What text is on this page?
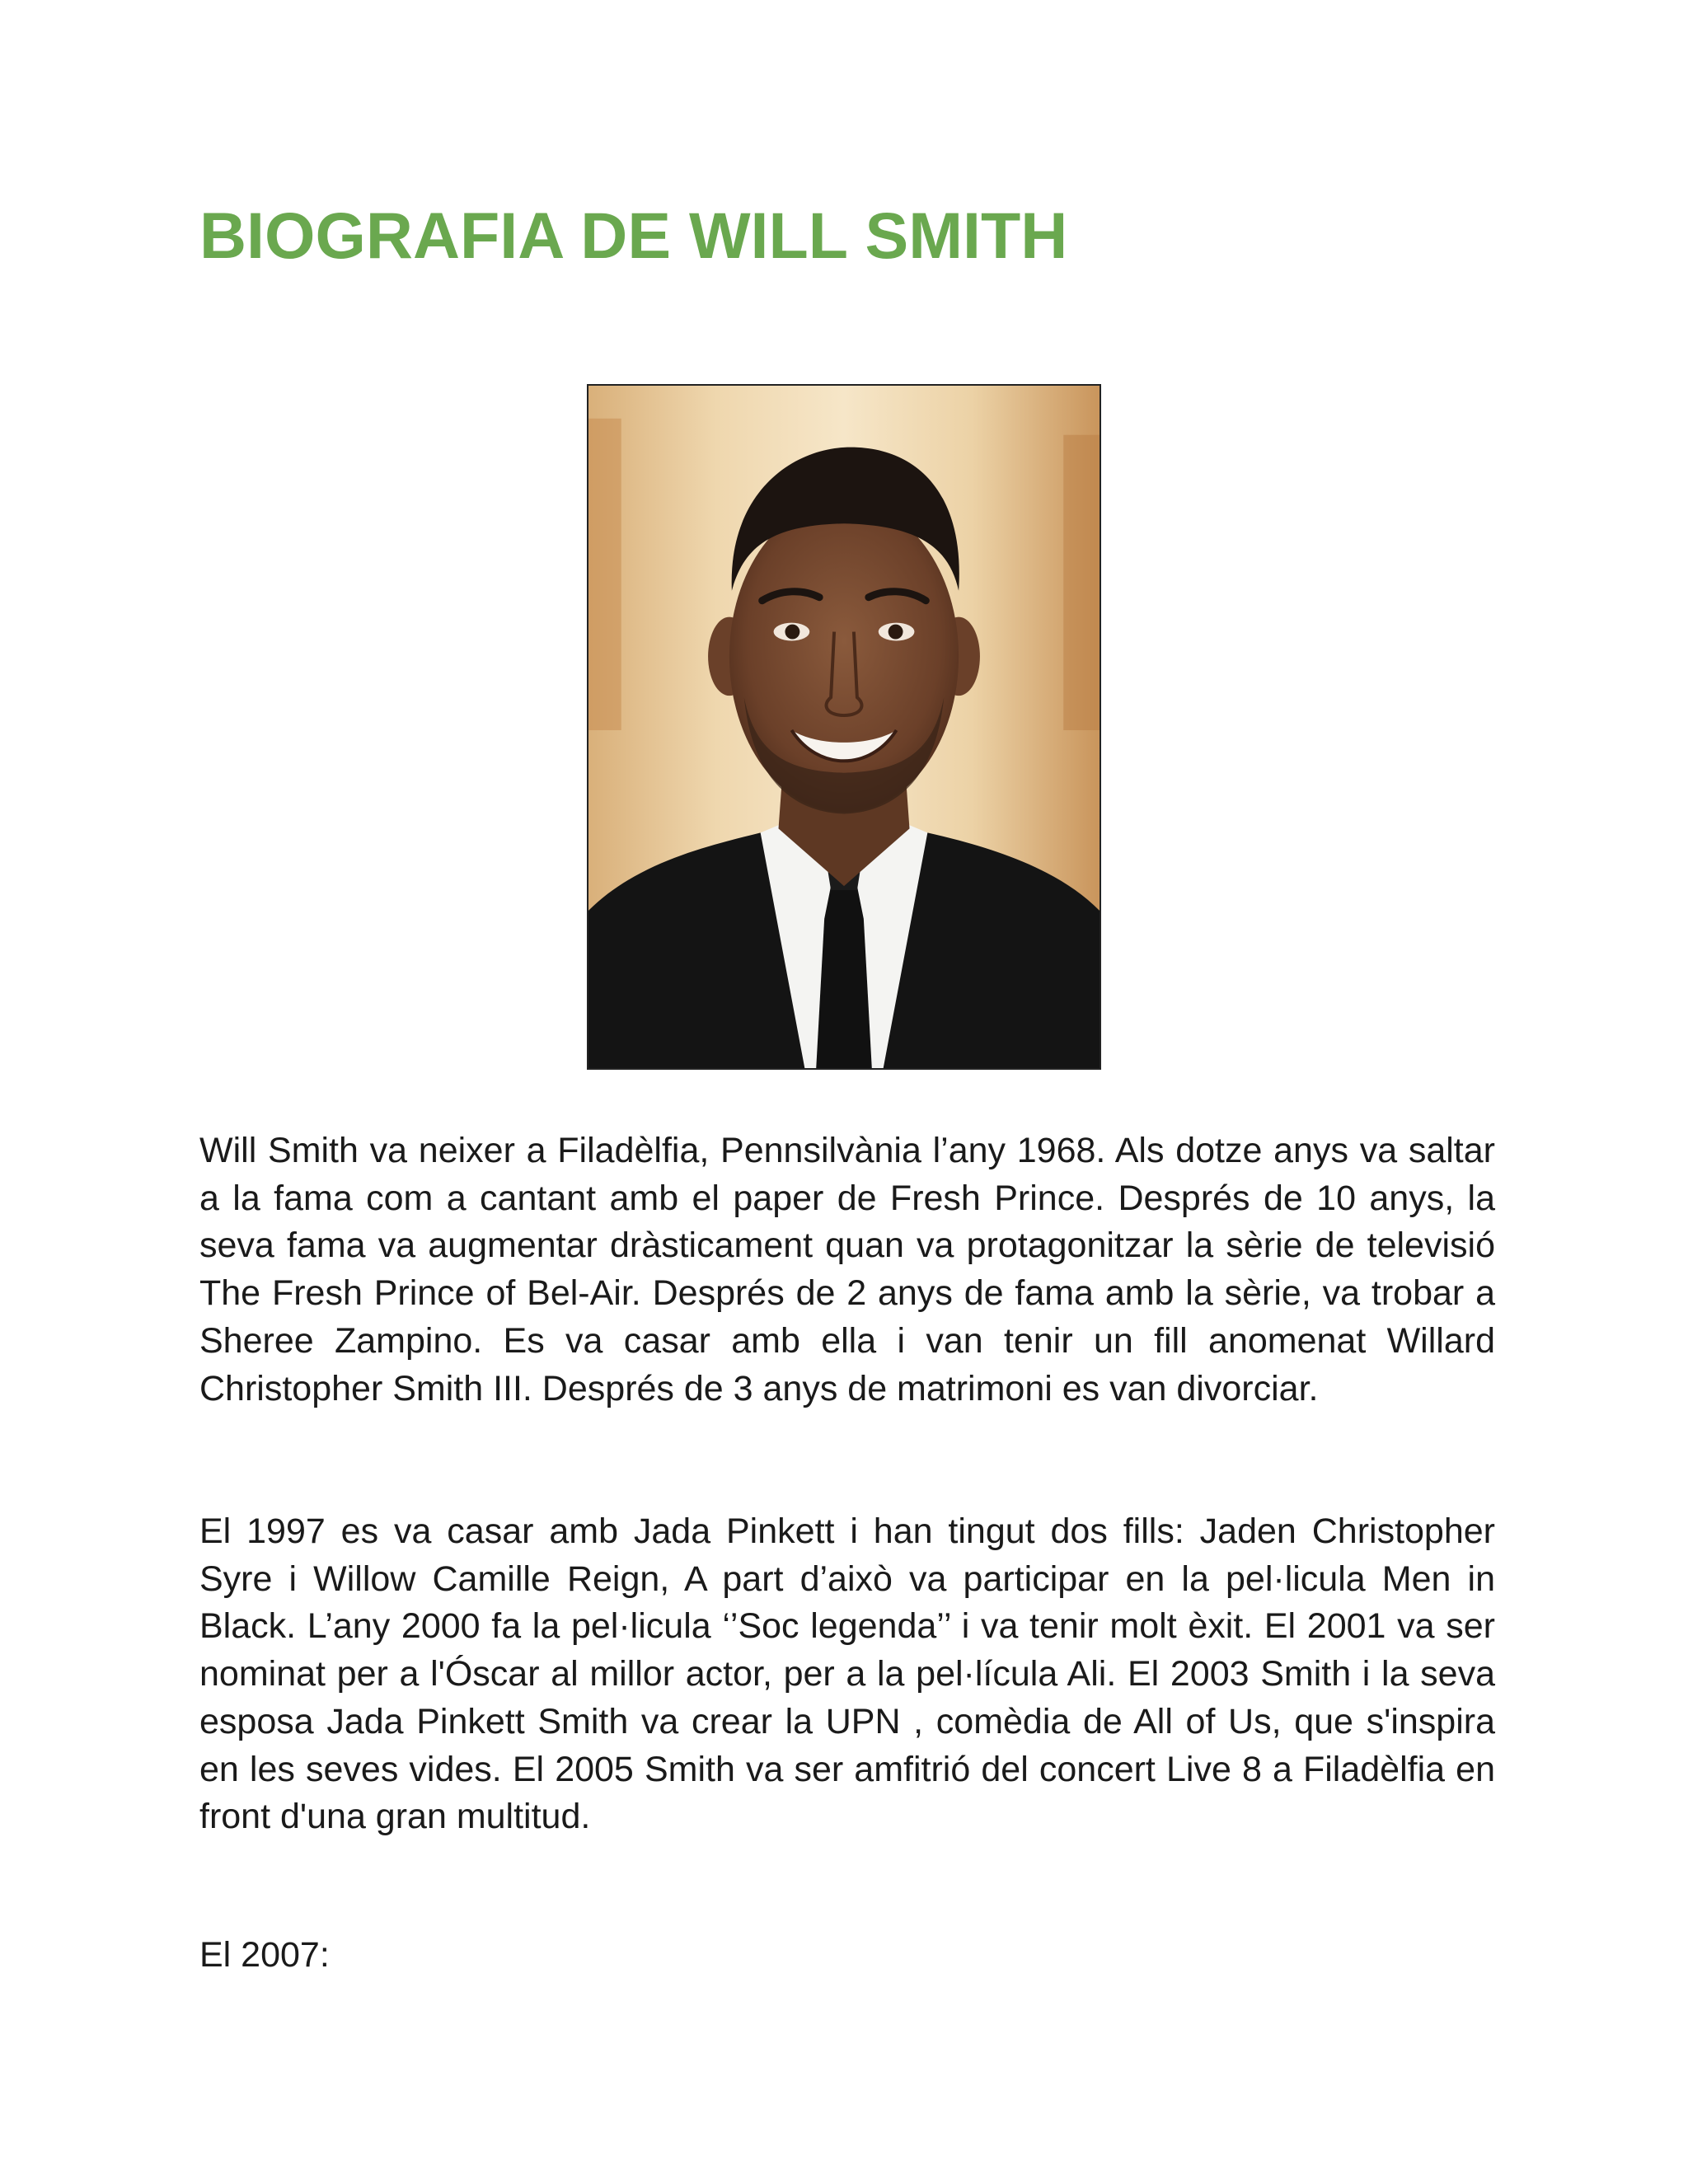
BIOGRAFIA DE WILL SMITH

Will Smith va neixer a Filadèlfia, Pennsilvània l’any 1968. Als dotze anys va saltar a la fama com a cantant amb el paper de Fresh Prince. Després de 10 anys, la seva fama va augmentar dràsticament quan va protagonitzar la sèrie de televisió The Fresh Prince of Bel-Air. Després de 2 anys de fama amb la sèrie, va trobar a Sheree Zampino. Es va casar amb ella i van tenir un fill anomenat Willard Christopher Smith III. Després de 3 anys de matrimoni es van divorciar.

El 1997 es va casar amb Jada Pinkett i han tingut dos fills: Jaden Christopher Syre i Willow Camille Reign, A part d’això va participar en la pel·licula Men in Black. L’any 2000 fa la pel·licula ‘’Soc legenda’’ i va tenir molt èxit. El 2001 va ser nominat per a l'Óscar al millor actor, per a la pel·lícula Ali. El 2003 Smith i la seva esposa Jada Pinkett Smith va crear la UPN , comèdia de All of Us, que s'inspira en les seves vides. El 2005 Smith va ser amfitrió del concert Live 8 a Filadèlfia en front d'una gran multitud.

El 2007:
